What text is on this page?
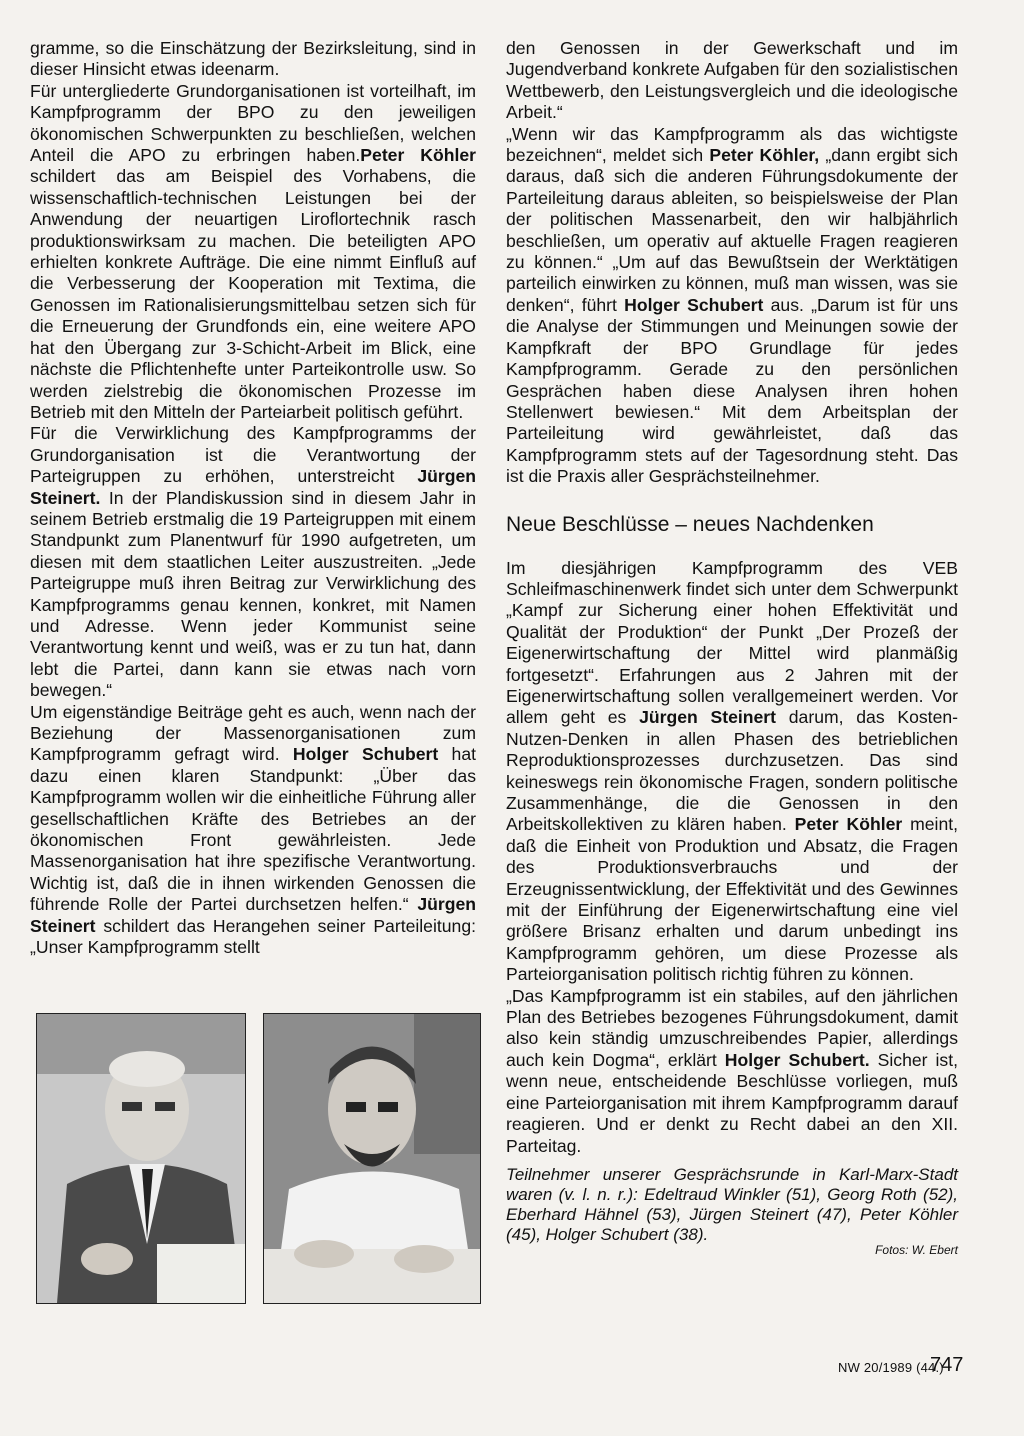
gramme, so die Einschätzung der Bezirksleitung, sind in dieser Hinsicht etwas ideenarm.

Für untergliederte Grundorganisationen ist vorteilhaft, im Kampfprogramm der BPO zu den jeweiligen ökonomischen Schwerpunkten zu beschließen, welchen Anteil die APO zu erbringen haben.Peter Köhler schildert das am Beispiel des Vorhabens, die wissenschaftlich-technischen Leistungen bei der Anwendung der neuartigen Liroflortechnik rasch produktionswirksam zu machen. Die beteiligten APO erhielten konkrete Aufträge. Die eine nimmt Einfluß auf die Verbesserung der Kooperation mit Textima, die Genossen im Rationalisierungsmittelbau setzen sich für die Erneuerung der Grundfonds ein, eine weitere APO hat den Übergang zur 3-Schicht-Arbeit im Blick, eine nächste die Pflichtenhefte unter Parteikontrolle usw. So werden zielstrebig die ökonomischen Prozesse im Betrieb mit den Mitteln der Parteiarbeit politisch geführt.

Für die Verwirklichung des Kampfprogramms der Grundorganisation ist die Verantwortung der Parteigruppen zu erhöhen, unterstreicht Jürgen Steinert. In der Plandiskussion sind in diesem Jahr in seinem Betrieb erstmalig die 19 Parteigruppen mit einem Standpunkt zum Planentwurf für 1990 aufgetreten, um diesen mit dem staatlichen Leiter auszustreiten. „Jede Parteigruppe muß ihren Beitrag zur Verwirklichung des Kampfprogramms genau kennen, konkret, mit Namen und Adresse. Wenn jeder Kommunist seine Verantwortung kennt und weiß, was er zu tun hat, dann lebt die Partei, dann kann sie etwas nach vorn bewegen.“

Um eigenständige Beiträge geht es auch, wenn nach der Beziehung der Massenorganisationen zum Kampfprogramm gefragt wird. Holger Schubert hat dazu einen klaren Standpunkt: „Über das Kampfprogramm wollen wir die einheitliche Führung aller gesellschaftlichen Kräfte des Betriebes an der ökonomischen Front gewährleisten. Jede Massenorganisation hat ihre spezifische Verantwortung. Wichtig ist, daß die in ihnen wirkenden Genossen die führende Rolle der Partei durchsetzen helfen.“ Jürgen Steinert schildert das Herangehen seiner Parteileitung: „Unser Kampfprogramm stellt

den Genossen in der Gewerkschaft und im Jugendverband konkrete Aufgaben für den sozialistischen Wettbewerb, den Leistungsvergleich und die ideologische Arbeit.“

„Wenn wir das Kampfprogramm als das wichtigste bezeichnen“, meldet sich Peter Köhler, „dann ergibt sich daraus, daß sich die anderen Führungsdokumente der Parteileitung daraus ableiten, so beispielsweise der Plan der politischen Massenarbeit, den wir halbjährlich beschließen, um operativ auf aktuelle Fragen reagieren zu können.“ „Um auf das Bewußtsein der Werktätigen parteilich einwirken zu können, muß man wissen, was sie denken“, führt Holger Schubert aus. „Darum ist für uns die Analyse der Stimmungen und Meinungen sowie der Kampfkraft der BPO Grundlage für jedes Kampfprogramm. Gerade zu den persönlichen Gesprächen haben diese Analysen ihren hohen Stellenwert bewiesen.“ Mit dem Arbeitsplan der Parteileitung wird gewährleistet, daß das Kampfprogramm stets auf der Tagesordnung steht. Das ist die Praxis aller Gesprächsteilnehmer.

Neue Beschlüsse – neues Nachdenken

Im diesjährigen Kampfprogramm des VEB Schleifmaschinenwerk findet sich unter dem Schwerpunkt „Kampf zur Sicherung einer hohen Effektivität und Qualität der Produktion“ der Punkt „Der Prozeß der Eigenerwirtschaftung der Mittel wird planmäßig fortgesetzt“. Erfahrungen aus 2 Jahren mit der Eigenerwirtschaftung sollen verallgemeinert werden. Vor allem geht es Jürgen Steinert darum, das Kosten-Nutzen-Denken in allen Phasen des betrieblichen Reproduktionsprozesses durchzusetzen. Das sind keineswegs rein ökonomische Fragen, sondern politische Zusammenhänge, die die Genossen in den Arbeitskollektiven zu klären haben. Peter Köhler meint, daß die Einheit von Produktion und Absatz, die Fragen des Produktionsverbrauchs und der Erzeugnissentwicklung, der Effektivität und des Gewinnes mit der Einführung der Eigenerwirtschaftung eine viel größere Brisanz erhalten und darum unbedingt ins Kampfprogramm gehören, um diese Prozesse als Parteiorganisation politisch richtig führen zu können.

„Das Kampfprogramm ist ein stabiles, auf den jährlichen Plan des Betriebes bezogenes Führungsdokument, damit also kein ständig umzuschreibendes Papier, allerdings auch kein Dogma“, erklärt Holger Schubert. Sicher ist, wenn neue, entscheidende Beschlüsse vorliegen, muß eine Parteiorganisation mit ihrem Kampfprogramm darauf reagieren. Und er denkt zu Recht dabei an den XII. Parteitag.

Teilnehmer unserer Gesprächsrunde in Karl-Marx-Stadt waren (v. l. n. r.): Edeltraud Winkler (51), Georg Roth (52), Eberhard Hähnel (53), Jürgen Steinert (47), Peter Köhler (45), Holger Schubert (38).
Fotos: W. Ebert
NW 20/1989 (44.)
747
